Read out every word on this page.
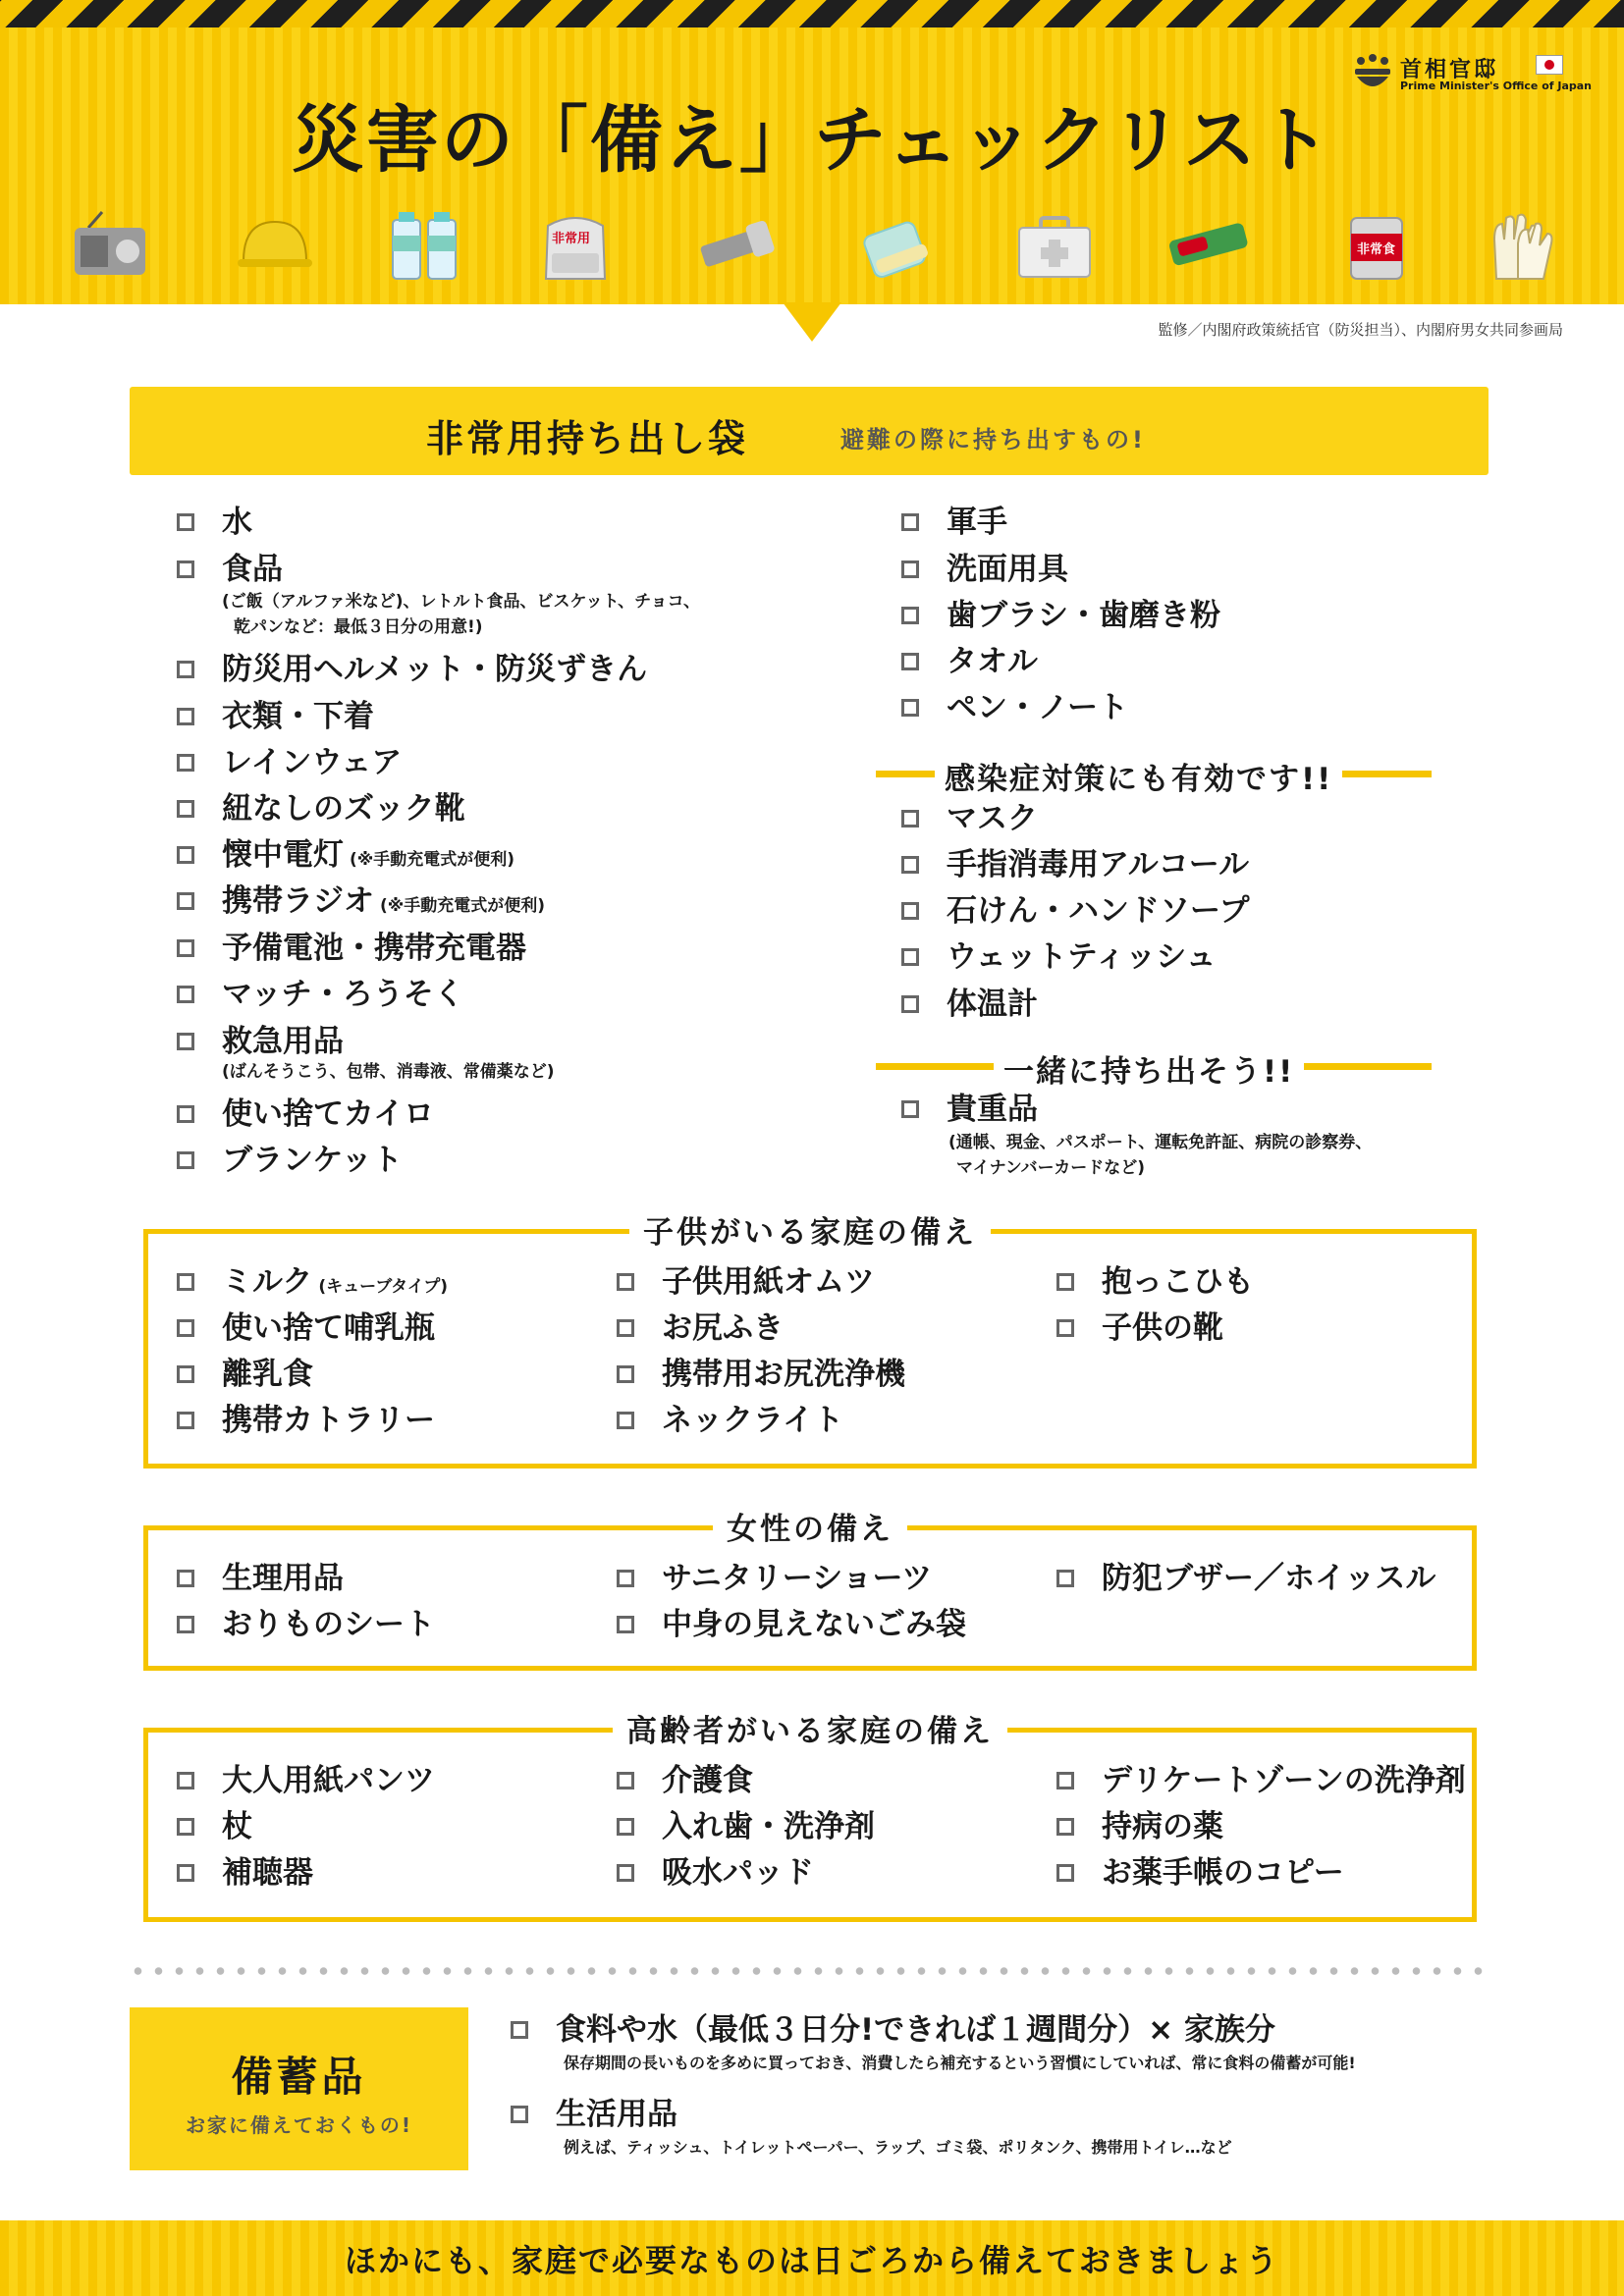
首相官邸
Prime Minister's Office of Japan
災害の「備え」チェックリスト
非常用
非常食
監修／内閣府政策統括官（防災担当）、内閣府男女共同参画局
非常用持ち出し袋	避難の際に持ち出すもの!
水
食品
(ご飯（アルファ米など)、レトルト食品、ビスケット、チョコ、
乾パンなど：最低３日分の用意!)
防災用ヘルメット・防災ずきん
衣類・下着
レインウェア
紐なしのズック靴
懐中電灯 (※手動充電式が便利)
携帯ラジオ (※手動充電式が便利)
予備電池・携帯充電器
マッチ・ろうそく
救急用品
(ばんそうこう、包帯、消毒液、常備薬など)
使い捨てカイロ
ブランケット
軍手
洗面用具
歯ブラシ・歯磨き粉
タオル
ペン・ノート
感染症対策にも有効です!!
マスク
手指消毒用アルコール
石けん・ハンドソープ
ウェットティッシュ
体温計
一緒に持ち出そう!!
貴重品
(通帳、現金、パスポート、運転免許証、病院の診察券、
マイナンバーカードなど)
子供がいる家庭の備え
ミルク (キューブタイプ)
使い捨て哺乳瓶
離乳食
携帯カトラリー
子供用紙オムツ
お尻ふき
携帯用お尻洗浄機
ネックライト
抱っこひも
子供の靴
女性の備え
生理用品
おりものシート
サニタリーショーツ
中身の見えないごみ袋
防犯ブザー／ホイッスル
高齢者がいる家庭の備え
大人用紙パンツ
杖
補聴器
介護食
入れ歯・洗浄剤
吸水パッド
デリケートゾーンの洗浄剤
持病の薬
お薬手帳のコピー
備蓄品
お家に備えておくもの!
食料や水（最低３日分!できれば１週間分）× 家族分
保存期間の長いものを多めに買っておき、消費したら補充するという習慣にしていれば、常に食料の備蓄が可能!
生活用品
例えば、ティッシュ、トイレットペーパー、ラップ、ゴミ袋、ポリタンク、携帯用トイレ…など
ほかにも、家庭で必要なものは日ごろから備えておきましょう
